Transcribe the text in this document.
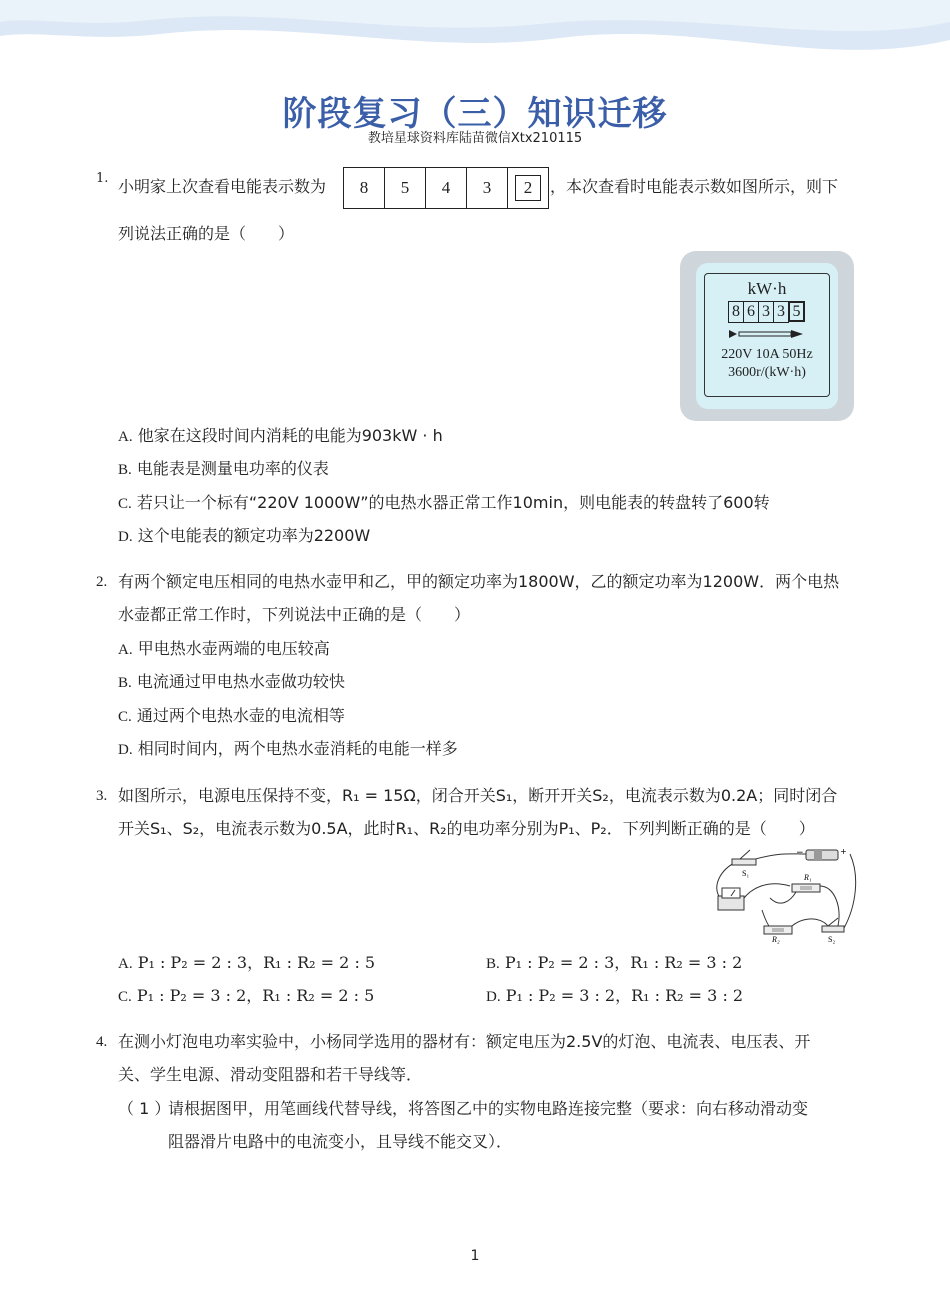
阶段复习（三）知识迁移
教培星球资料库陆苗微信Xtx210115
1. 小明家上次查看电能表示数为	8	5	4	3	2	，本次查看时电能表示数如图所示，则下
列说法正确的是（　　）
kW·h
8 6 3 3 5
220V 10A 50Hz
3600r/(kW·h)
A. 他家在这段时间内消耗的电能为903kW · h
B. 电能表是测量电功率的仪表
C. 若只让一个标有“220V 1000W”的电热水器正常工作10min，则电能表的转盘转了600转
D. 这个电能表的额定功率为2200W
2. 有两个额定电压相同的电热水壶甲和乙，甲的额定功率为1800W，乙的额定功率为1200W．两个电热
水壶都正常工作时，下列说法中正确的是（　　）
A. 甲电热水壶两端的电压较高
B. 电流通过甲电热水壶做功较快
C. 通过两个电热水壶的电流相等
D. 相同时间内，两个电热水壶消耗的电能一样多
3. 如图所示，电源电压保持不变，R₁ = 15Ω，闭合开关S₁，断开开关S₂，电流表示数为0.2A；同时闭合
开关S₁、S₂，电流表示数为0.5A，此时R₁、R₂的电功率分别为P₁、P₂．下列判断正确的是（　　）
S₁
−	+
R₁
R₂	S₂
A. P₁ : P₂ = 2 : 3，R₁ : R₂ = 2 : 5	B. P₁ : P₂ = 2 : 3，R₁ : R₂ = 3 : 2
C. P₁ : P₂ = 3 : 2，R₁ : R₂ = 2 : 5	D. P₁ : P₂ = 3 : 2，R₁ : R₂ = 3 : 2
4. 在测小灯泡电功率实验中，小杨同学选用的器材有：额定电压为2.5V的灯泡、电流表、电压表、开
关、学生电源、滑动变阻器和若干导线等．
（ 1 ）
请根据图甲，用笔画线代替导线，将答图乙中的实物电路连接完整（要求：向右移动滑动变
阻器滑片电路中的电流变小，且导线不能交叉）．
1
